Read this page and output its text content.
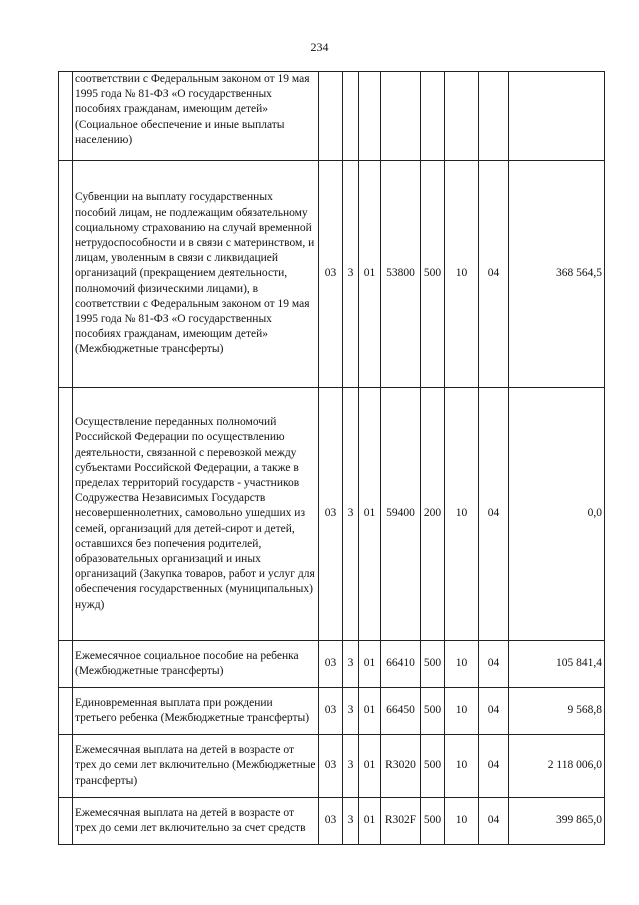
234
	соответствии с Федеральным законом от 19 мая 1995 года № 81-ФЗ «О государственных пособиях гражданам, имеющим детей» (Социальное обеспечение и иные выплаты населению)								
	Субвенции на выплату государственных пособий лицам, не подлежащим обязательному социальному страхованию на случай временной нетрудоспособности и в связи с материнством, и лицам, уволенным в связи с ликвидацией организаций (прекращением деятельности, полномочий физическими лицами), в соответствии с Федеральным законом от 19 мая 1995 года № 81-ФЗ «О государственных пособиях гражданам, имеющим детей» (Межбюджетные трансферты)	03	3	01	53800	500	10	04	368 564,5
	Осуществление переданных полномочий Российской Федерации по осуществлению деятельности, связанной с перевозкой между субъектами Российской Федерации, а также в пределах территорий государств - участников Содружества Независимых Государств несовершеннолетних, самовольно ушедших из семей, организаций для детей-сирот и детей, оставшихся без попечения родителей, образовательных организаций и иных организаций (Закупка товаров, работ и услуг для обеспечения государственных (муниципальных) нужд)	03	3	01	59400	200	10	04	0,0
	Ежемесячное социальное пособие на ребенка (Межбюджетные трансферты)	03	3	01	66410	500	10	04	105 841,4
	Единовременная выплата при рождении третьего ребенка (Межбюджетные трансферты)	03	3	01	66450	500	10	04	9 568,8
	Ежемесячная выплата на детей в возрасте от трех до семи лет включительно (Межбюджетные трансферты)	03	3	01	R3020	500	10	04	2 118 006,0
	Ежемесячная выплата на детей в возрасте от трех до семи лет включительно за счет средств	03	3	01	R302F	500	10	04	399 865,0
